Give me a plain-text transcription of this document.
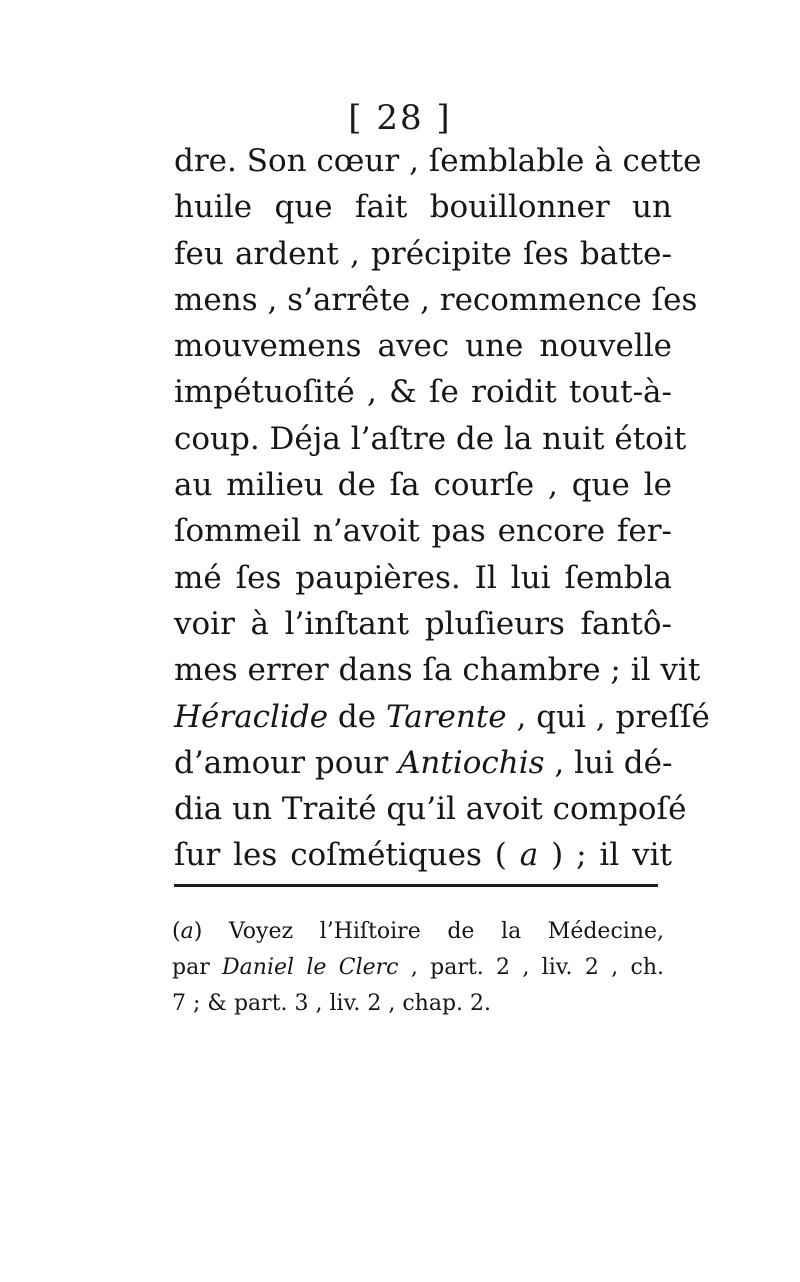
[ 28 ]
dre. Son cœur , ſemblable à cette
huile que fait bouillonner un
feu ardent , précipite ſes batte-
mens , s’arrête , recommence ſes
mouvemens avec une nouvelle
impétuoſité , & ſe roidit tout-à-
coup. Déja l’aſtre de la nuit étoit
au milieu de ſa courſe , que le
ſommeil n’avoit pas encore fer-
mé ſes paupières. Il lui ſembla
voir à l’inſtant pluſieurs fantô-
mes errer dans ſa chambre ; il vit
Héraclide de Tarente , qui , preſſé
d’amour pour Antiochis , lui dé-
dia un Traité qu’il avoit compoſé
ſur les coſmétiques ( a ) ; il vit
(a) Voyez l’Hiſtoire de la Médecine,
par Daniel le Clerc , part. 2 , liv. 2 , ch.
7 ; & part. 3 , liv. 2 , chap. 2.
